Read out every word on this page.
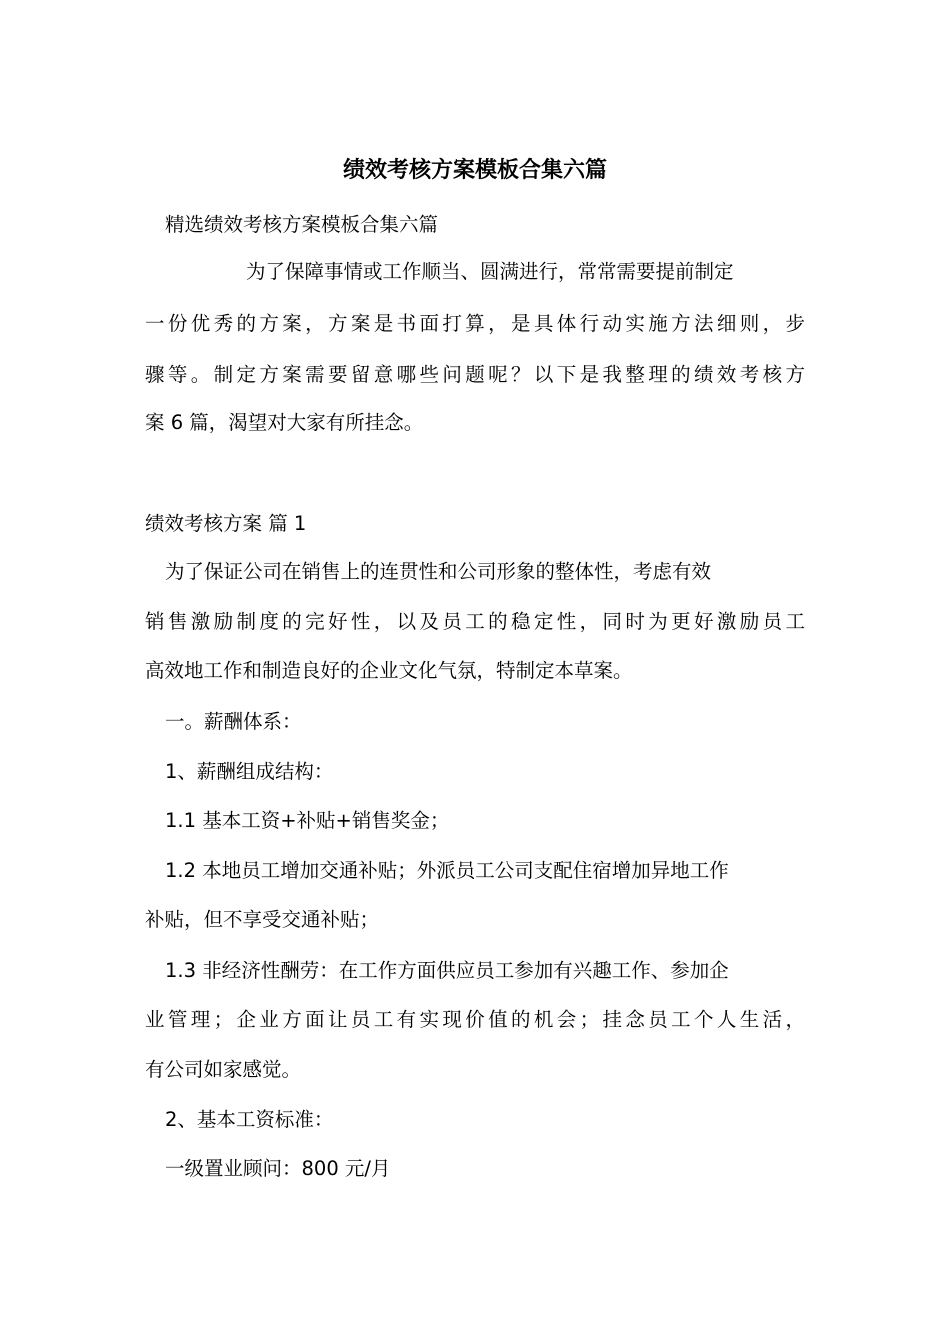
绩效考核方案模板合集六篇

精选绩效考核方案模板合集六篇

为了保障事情或工作顺当、圆满进行，常常需要提前制定

一份优秀的方案，方案是书面打算，是具体行动实施方法细则，步

骤等。制定方案需要留意哪些问题呢？以下是我整理的绩效考核方

案 6 篇，渴望对大家有所挂念。

绩效考核方案 篇 1

为了保证公司在销售上的连贯性和公司形象的整体性，考虑有效

销售激励制度的完好性，以及员工的稳定性，同时为更好激励员工

高效地工作和制造良好的企业文化气氛，特制定本草案。

一。薪酬体系：

1、薪酬组成结构：

1.1 基本工资+补贴+销售奖金；

1.2 本地员工增加交通补贴；外派员工公司支配住宿增加异地工作

补贴，但不享受交通补贴；

1.3 非经济性酬劳：在工作方面供应员工参加有兴趣工作、参加企

业管理；企业方面让员工有实现价值的机会；挂念员工个人生活，

有公司如家感觉。

2、基本工资标准：

一级置业顾问：800 元/月
